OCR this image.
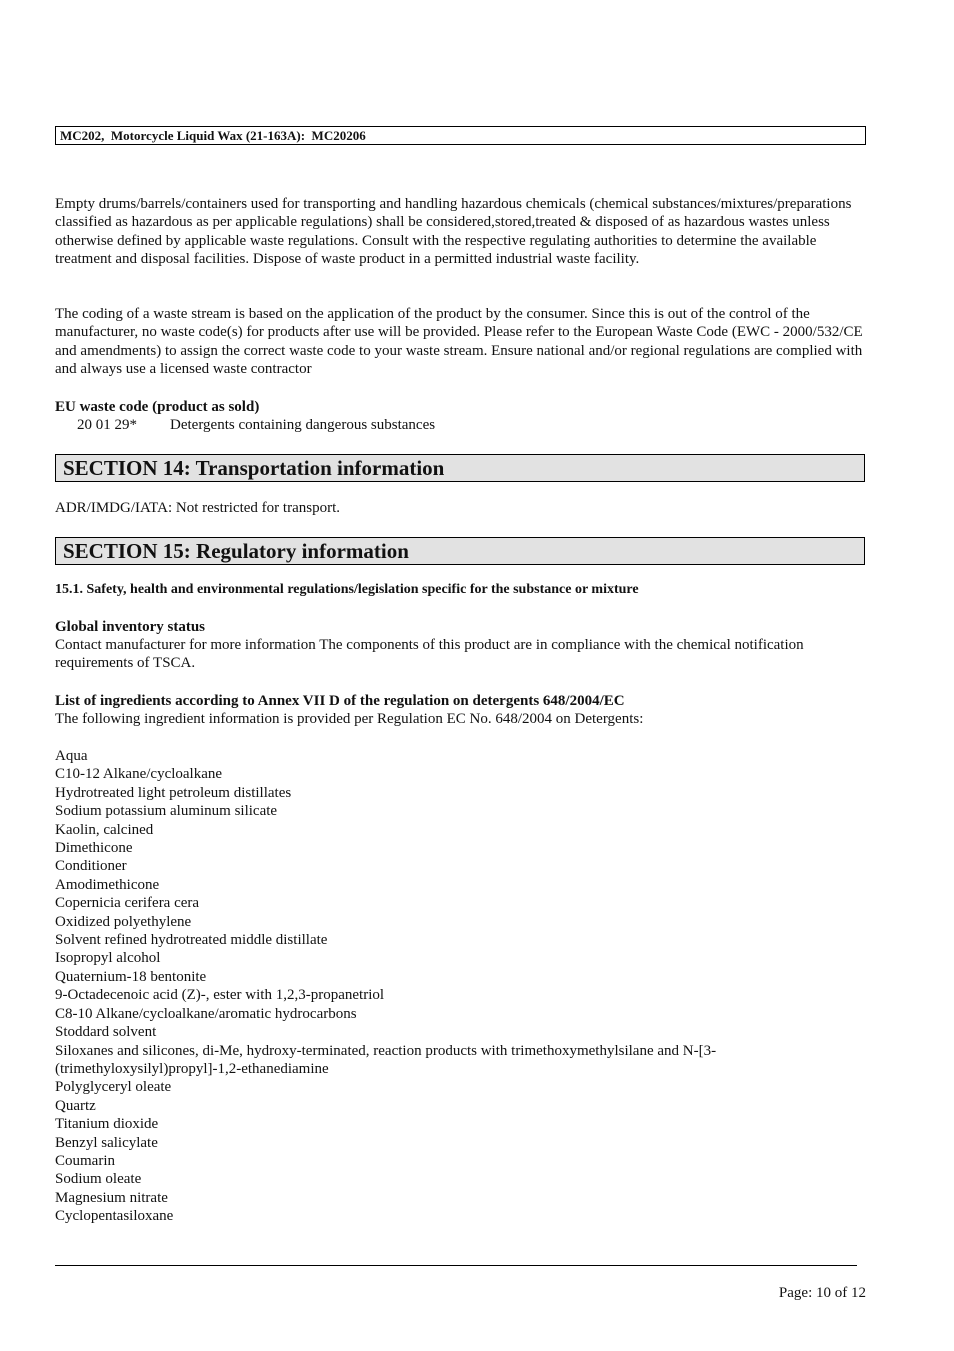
MC202,  Motorcycle Liquid Wax (21-163A):  MC20206

Empty drums/barrels/containers used for transporting and handling hazardous chemicals (chemical substances/mixtures/preparations classified as hazardous as per applicable regulations) shall be considered,stored,treated & disposed of as hazardous wastes unless otherwise defined by applicable waste regulations. Consult with the respective regulating authorities to determine the available treatment and disposal facilities. Dispose of waste product in a permitted industrial waste facility.

The coding of a waste stream is based on the application of the product by the consumer. Since this is out of the control of the manufacturer, no waste code(s) for products after use will be provided. Please refer to the European Waste Code (EWC - 2000/532/CE and amendments) to assign the correct waste code to your waste stream. Ensure national and/or regional regulations are complied with and always use a licensed waste contractor

EU waste code (product as sold)
20 01 29* Detergents containing dangerous substances
SECTION 14: Transportation information
ADR/IMDG/IATA: Not restricted for transport.
SECTION 15: Regulatory information
15.1. Safety, health and environmental regulations/legislation specific for the substance or mixture
Global inventory status

Contact manufacturer for more information The components of this product are in compliance with the chemical notification requirements of TSCA.

List of ingredients according to Annex VII D of the regulation on detergents 648/2004/EC
The following ingredient information is provided per Regulation EC No. 648/2004 on Detergents:
Aqua
C10-12 Alkane/cycloalkane
Hydrotreated light petroleum distillates
Sodium potassium aluminum silicate
Kaolin, calcined
Dimethicone
Conditioner
Amodimethicone
Copernicia cerifera cera
Oxidized polyethylene
Solvent refined hydrotreated middle distillate
Isopropyl alcohol
Quaternium-18 bentonite
9-Octadecenoic acid (Z)-, ester with 1,2,3-propanetriol
C8-10 Alkane/cycloalkane/aromatic hydrocarbons
Stoddard solvent
Siloxanes and silicones, di-Me, hydroxy-terminated, reaction products with trimethoxymethylsilane and N-[3-(trimethyloxysilyl)propyl]-1,2-ethanediamine
Polyglyceryl oleate
Quartz
Titanium dioxide
Benzyl salicylate
Coumarin
Sodium oleate
Magnesium nitrate
Cyclopentasiloxane
Page: 10 of 12
